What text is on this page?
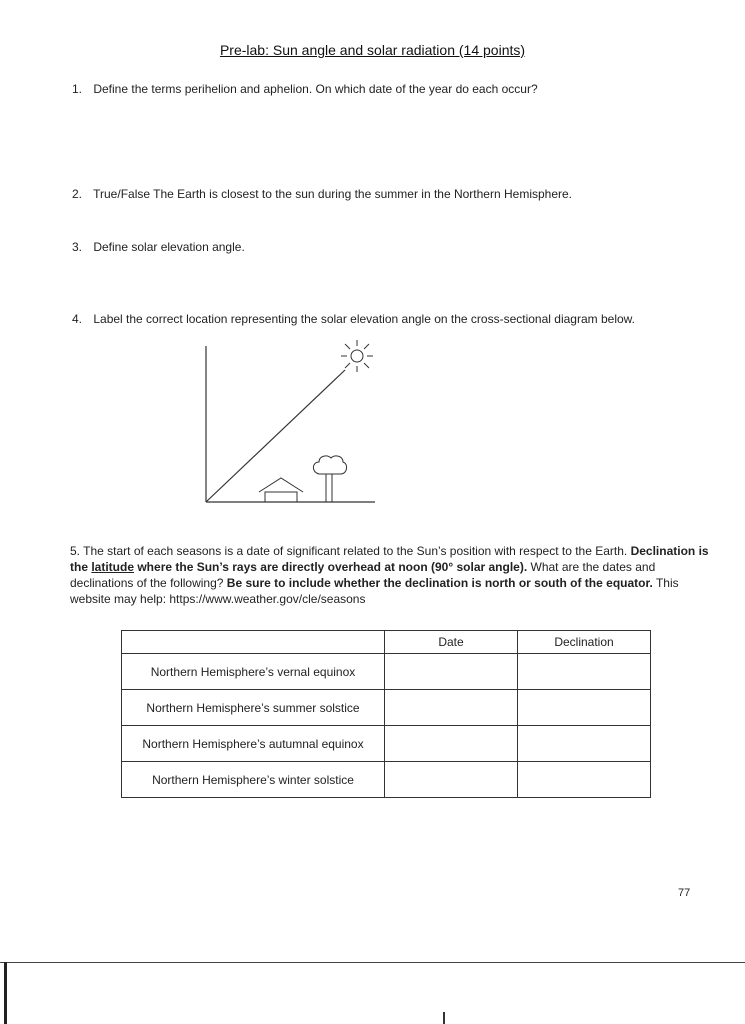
Pre-lab: Sun angle and solar radiation (14 points)
1. Define the terms perihelion and aphelion. On which date of the year do each occur?
2. True/False The Earth is closest to the sun during the summer in the Northern Hemisphere.
3. Define solar elevation angle.
4. Label the correct location representing the solar elevation angle on the cross-sectional diagram below.
5. The start of each seasons is a date of significant related to the Sun’s position with respect to the Earth. Declination is the latitude where the Sun’s rays are directly overhead at noon (90° solar angle). What are the dates and declinations of the following? Be sure to include whether the declination is north or south of the equator. This website may help: https://www.weather.gov/cle/seasons
	Date	Declination
Northern Hemisphere’s vernal equinox		
Northern Hemisphere’s summer solstice		
Northern Hemisphere’s autumnal equinox		
Northern Hemisphere’s winter solstice		
77
